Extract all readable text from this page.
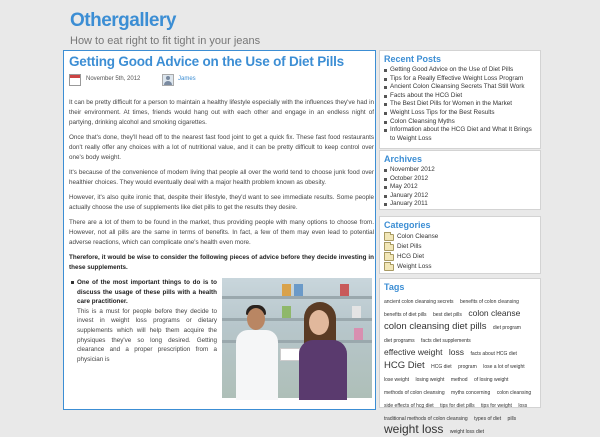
Othergallery
How to eat right to fit tight in your jeans
Getting Good Advice on the Use of Diet Pills
November 5th, 2012	James

It can be pretty difficult for a person to maintain a healthy lifestyle especially with the influences they've had in their environment. At times, friends would hang out with each other and engage in an endless night of partying, drinking alcohol and smoking cigarettes.

Once that's done, they'll head off to the nearest fast food joint to get a quick fix. These fast food restaurants don't really offer any choices with a lot of nutritional value, and it can be pretty difficult to keep control over one's body weight.

It's because of the convenience of modern living that people all over the world tend to choose junk food over healthier choices. They would eventually deal with a major health problem known as obesity.

However, it's also quite ironic that, despite their lifestyle, they'd want to see immediate results. Some people actually choose the use of supplements like diet pills to get the results they desire.

There are a lot of them to be found in the market, thus providing people with many options to choose from. However, not all pills are the same in terms of benefits. In fact, a few of them may even lead to potential adverse reactions, which can complicate one's health even more.

Therefore, it would be wise to consider the following pieces of advice before they decide investing in these supplements.

One of the most important things to do is to discuss the usage of these pills with a health care practitioner.
This is a must for people before they decide to invest in weight loss programs or dietary supplements which will help them acquire the physiques they've so long desired. Getting clearance and a proper prescription from a physician is
Recent Posts
Getting Good Advice on the Use of Diet Pills
Tips for a Really Effective Weight Loss Program
Ancient Colon Cleansing Secrets That Still Work
Facts about the HCG Diet
The Best Diet Pills for Women in the Market
Weight Loss Tips for the Best Results
Colon Cleansing Myths
Information about the HCG Diet and What It Brings to Weight Loss
Archives
November 2012
October 2012
May 2012
January 2012
January 2011
Categories
Colon Cleanse
Diet Pills
HCG Diet
Weight Loss
Tags
ancient colon cleansing secrets benefits of colon cleansing benefits of diet pills best diet pills colon cleanse colon cleansing diet pills diet program diet programs facts diet supplements effective weight loss facts about HCG diet HCG Diet HCG diet program lose a lot of weight lose weight losing weight method of losing weight methods of colon cleansing myths concerning colon cleansing side effects of hcg diet tips for diet pills tips for weight loss traditional methods of colon cleansing types of diet pills weight loss weight loss diet
